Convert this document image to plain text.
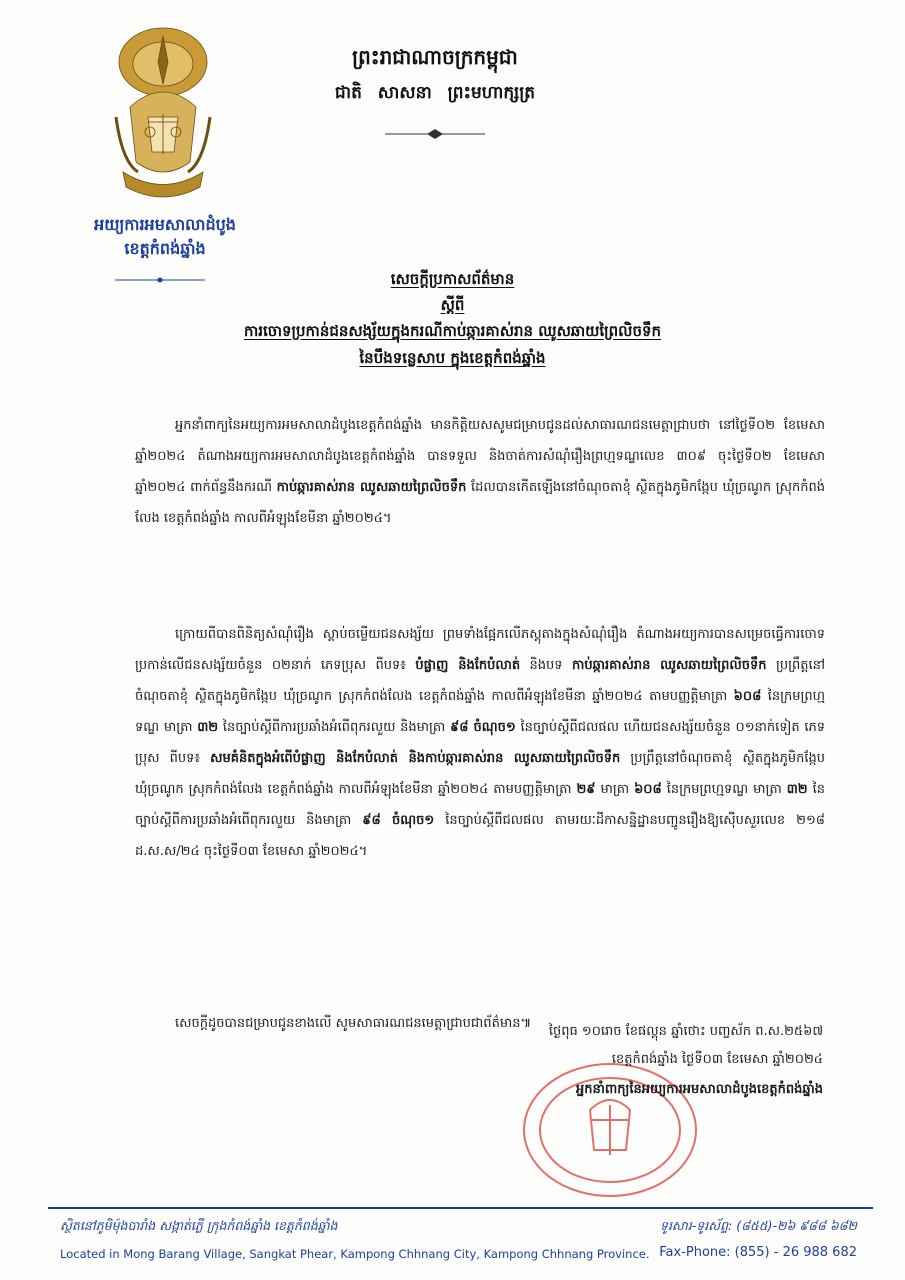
អយ្យការអមសាលាដំបូង
ខេត្តកំពង់ឆ្នាំង
ព្រះរាជាណាចក្រកម្ពុជា
ជាតិ សាសនា ព្រះមហាក្សត្រ
សេចក្តីប្រកាសព័ត៌មាន
ស្តីពី
ការចោទប្រកាន់ជនសង្ស័យក្នុងករណីកាប់ឆ្ការគាស់រាន ឈូសឆាយព្រៃលិចទឹក
នៃបឹងទន្លេសាប ក្នុងខេត្តកំពង់ឆ្នាំង
អ្នកនាំពាក្យនៃអយ្យការអមសាលាដំបូងខេត្តកំពង់ឆ្នាំង មានកិត្តិយសសូមជម្រាបជូនដល់សាធារណជនមេត្តាជ្រាបថា នៅថ្ងៃទី០២ ខែមេសា ឆ្នាំ២០២៤ តំណាងអយ្យការអមសាលាដំបូងខេត្តកំពង់ឆ្នាំង បានទទួល និងចាត់ការសំណុំរឿងព្រហ្មទណ្ឌលេខ ៣០៩ ចុះថ្ងៃទី០២ ខែមេសា ឆ្នាំ២០២៤ ពាក់ព័ន្ធនឹងករណី កាប់ឆ្ការគាស់រាន ឈូសឆាយព្រៃលិចទឹក ដែលបានកើតឡើងនៅចំណុចតាខុំ ស្ថិតក្នុងភូមិកង្កែប ឃុំច្រណូក ស្រុកកំពង់លែង ខេត្តកំពង់ឆ្នាំង កាលពីអំឡុងខែមីនា ឆ្នាំ២០២៤។
ក្រោយពីបានពិនិត្យសំណុំរឿង ស្តាប់ចម្លើយជនសង្ស័យ ព្រមទាំងផ្អែកលើភស្តុតាងក្នុងសំណុំរឿង តំណាងអយ្យការបានសម្រេចធ្វើការចោទប្រកាន់លើជនសង្ស័យចំនួន ០២នាក់ ភេទប្រុស ពីបទ៖ បំផ្លាញ និងកែបំលាត់ និងបទ កាប់ឆ្ការគាស់រាន ឈូសឆាយព្រៃលិចទឹក ប្រព្រឹត្តនៅចំណុចតាខុំ ស្ថិតក្នុងភូមិកង្កែប ឃុំច្រណូក ស្រុកកំពង់លែង ខេត្តកំពង់ឆ្នាំង កាលពីអំឡុងខែមីនា ឆ្នាំ២០២៤ តាមបញ្ញត្តិមាត្រា ៦០៨ នៃក្រមព្រហ្មទណ្ឌ មាត្រា ៣២ នៃច្បាប់ស្តីពីការប្រឆាំងអំពើពុករលួយ និងមាត្រា ៩៨ ចំណុច១ នៃច្បាប់ស្តីពីជលផល ហើយជនសង្ស័យចំនួន ០១នាក់ទៀត ភេទប្រុស ពីបទ៖ សមគំនិតក្នុងអំពើបំផ្លាញ និងកែបំលាត់ និងកាប់ឆ្ការគាស់រាន ឈូសឆាយព្រៃលិចទឹក ប្រព្រឹត្តនៅចំណុចតាខុំ ស្ថិតក្នុងភូមិកង្កែប ឃុំច្រណូក ស្រុកកំពង់លែង ខេត្តកំពង់ឆ្នាំង កាលពីអំឡុងខែមីនា ឆ្នាំ២០២៤ តាមបញ្ញត្តិមាត្រា ២៩ មាត្រា ៦០៨ នៃក្រមព្រហ្មទណ្ឌ មាត្រា ៣២ នៃច្បាប់ស្តីពីការប្រឆាំងអំពើពុករលួយ និងមាត្រា ៩៨ ចំណុច១ នៃច្បាប់ស្តីពីជលផល តាមរយៈដីកាសន្និដ្ឋានបញ្ជូនរឿងឱ្យស៊ើបសួរលេខ ២១៨ ដ.ស.ស/២៤ ចុះថ្ងៃទី០៣ ខែមេសា ឆ្នាំ២០២៤។
សេចក្តីដូចបានជម្រាបជូនខាងលើ សូមសាធារណជនមេត្តាជ្រាបជាព័ត៌មាន៕
ថ្ងៃពុធ ១០រោច ខែផល្គុន ឆ្នាំថោះ បញ្ចស័ក ព.ស.២៥៦៧
ខេត្តកំពង់ឆ្នាំង ថ្ងៃទី០៣ ខែមេសា ឆ្នាំ២០២៤
អ្នកនាំពាក្យនៃអយ្យការអមសាលាដំបូងខេត្តកំពង់ឆ្នាំង
ស្ថិតនៅភូមិម៉ុងបារាំង សង្កាត់ភ្លើ ក្រុងកំពង់ឆ្នាំង ខេត្តកំពង់ឆ្នាំង
Located in Mong Barang Village, Sangkat Phear, Kampong Chhnang City, Kampong Chhnang Province.
ទូរសារ-ទូរស័ព្ទ: (៨៥៥)-២៦ ៩៨៨ ៦៨២
Fax-Phone: (855) - 26 988 682
